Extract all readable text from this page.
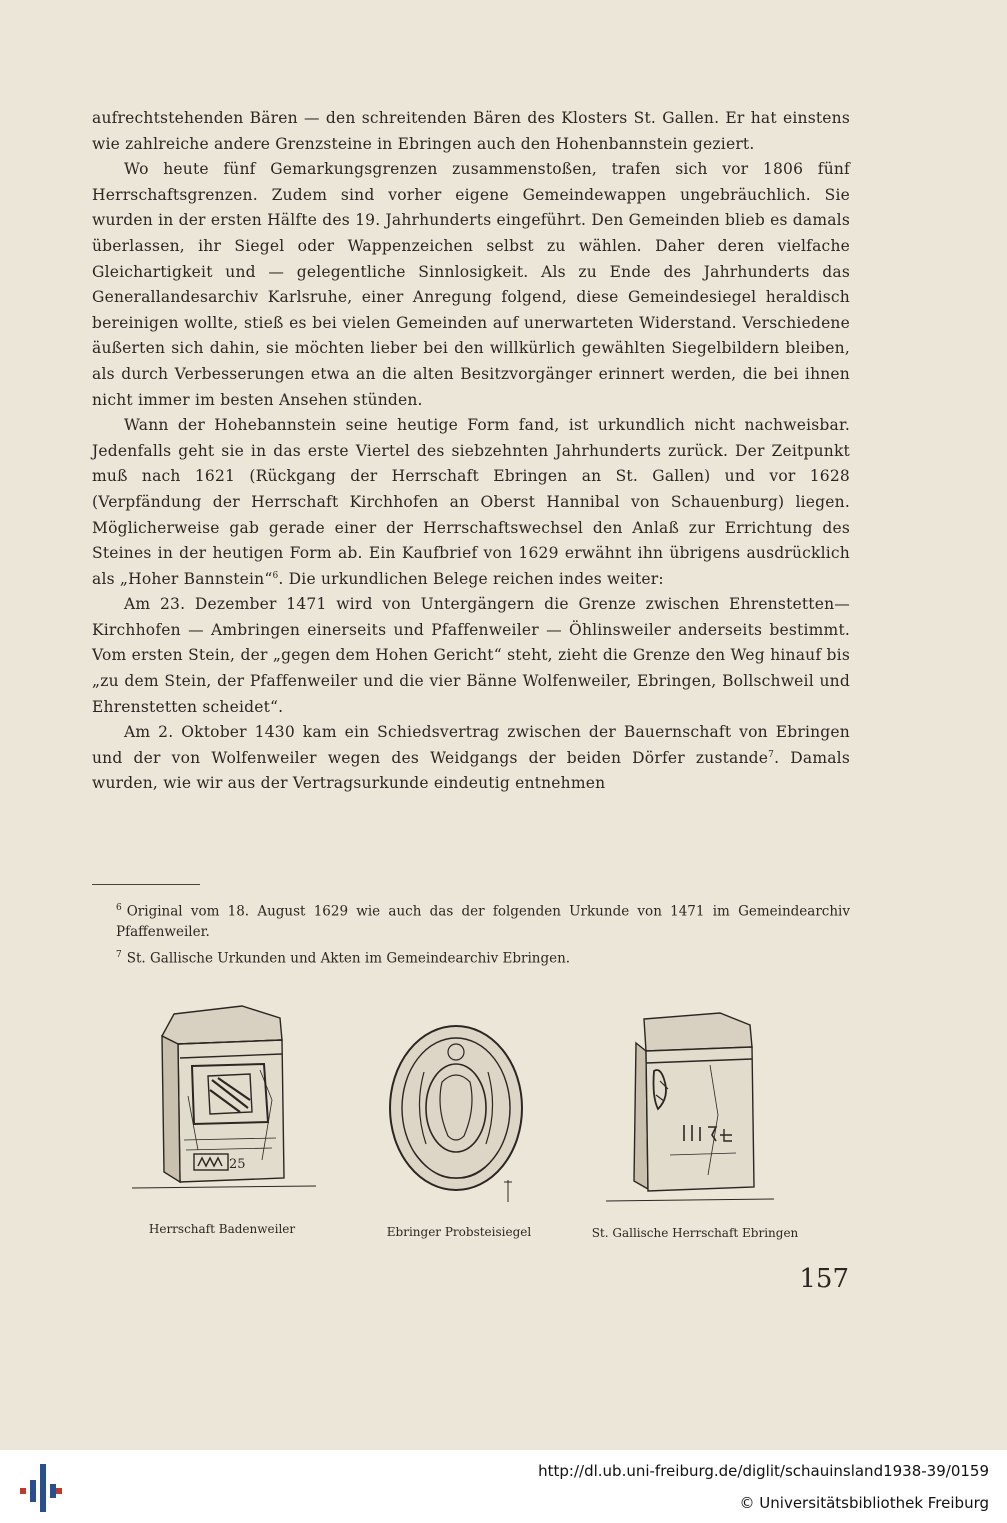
aufrechtstehenden Bären — den schreitenden Bären des Klosters St. Gallen. Er hat einstens wie zahlreiche andere Grenzsteine in Ebringen auch den Hohenbannstein geziert.

Wo heute fünf Gemarkungsgrenzen zusammenstoßen, trafen sich vor 1806 fünf Herrschaftsgrenzen. Zudem sind vorher eigene Gemeindewappen ungebräuchlich. Sie wurden in der ersten Hälfte des 19. Jahrhunderts eingeführt. Den Gemeinden blieb es damals überlassen, ihr Siegel oder Wappenzeichen selbst zu wählen. Daher deren vielfache Gleichartigkeit und — gelegentliche Sinnlosigkeit. Als zu Ende des Jahrhunderts das Generallandesarchiv Karlsruhe, einer Anregung folgend, diese Gemeindesiegel heraldisch bereinigen wollte, stieß es bei vielen Gemeinden auf unerwarteten Widerstand. Verschiedene äußerten sich dahin, sie möchten lieber bei den willkürlich gewählten Siegelbildern bleiben, als durch Verbesserungen etwa an die alten Besitzvorgänger erinnert werden, die bei ihnen nicht immer im besten Ansehen stünden.

Wann der Hohebannstein seine heutige Form fand, ist urkundlich nicht nachweisbar. Jedenfalls geht sie in das erste Viertel des siebzehnten Jahrhunderts zurück. Der Zeitpunkt muß nach 1621 (Rückgang der Herrschaft Ebringen an St. Gallen) und vor 1628 (Verpfändung der Herrschaft Kirchhofen an Oberst Hannibal von Schauenburg) liegen. Möglicherweise gab gerade einer der Herrschaftswechsel den Anlaß zur Errichtung des Steines in der heutigen Form ab. Ein Kaufbrief von 1629 erwähnt ihn übrigens ausdrücklich als „Hoher Bannstein“$^6$. Die urkundlichen Belege reichen indes weiter:

Am 23. Dezember 1471 wird von Untergängern die Grenze zwischen Ehrenstetten—Kirchhofen — Ambringen einerseits und Pfaffenweiler — Öhlinsweiler anderseits bestimmt. Vom ersten Stein, der „gegen dem Hohen Gericht“ steht, zieht die Grenze den Weg hinauf bis „zu dem Stein, der Pfaffenweiler und die vier Bänne Wolfenweiler, Ebringen, Bollschweil und Ehrenstetten scheidet“.

Am 2. Oktober 1430 kam ein Schiedsvertrag zwischen der Bauernschaft von Ebringen und der von Wolfenweiler wegen des Weidgangs der beiden Dörfer zustande$^7$. Damals wurden, wie wir aus der Vertragsurkunde eindeutig entnehmen

$^6$ Original vom 18. August 1629 wie auch das der folgenden Urkunde von 1471 im Gemeindearchiv Pfaffenweiler.

$^7$ St. Gallische Urkunden und Akten im Gemeindearchiv Ebringen.

25
Herrschaft Badenweiler	Ebringer Probsteisiegel	St. Gallische Herrschaft Ebringen
157
http://dl.ub.uni-freiburg.de/diglit/schauinsland1938-39/0159
© Universitätsbibliothek Freiburg
